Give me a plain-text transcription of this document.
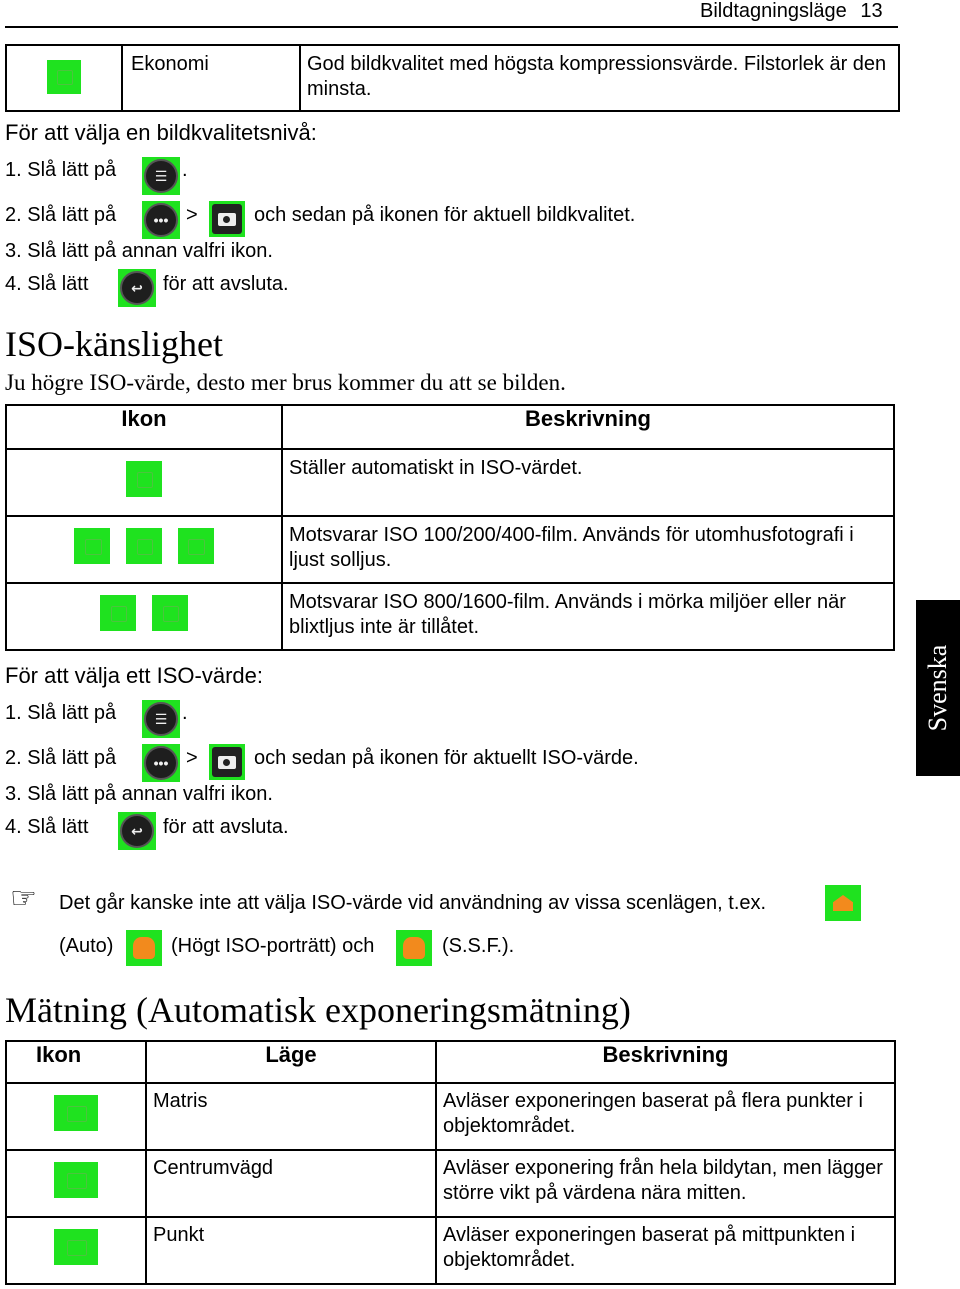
Bildtagningsläge 13
	Ekonomi	God bildkvalitet med högsta kompressionsvärde. Filstorlek är den minsta.
För att välja en bildkvalitetsnivå:
1. Slå lätt på	☰ .
2. Slå lätt på	••• >	och sedan på ikonen för aktuell bildkvalitet.
3. Slå lätt på annan valfri ikon.
4. Slå lätt	↩	för att avsluta.
ISO-känslighet
Ju högre ISO-värde, desto mer brus kommer du att se bilden.
Ikon	Beskrivning
	Ställer automatiskt in ISO-värdet.
	Motsvarar ISO 100/200/400-film. Används för utomhusfotografi i ljust solljus.
	Motsvarar ISO 800/1600-film. Används i mörka miljöer eller när blixtljus inte är tillåtet.
För att välja ett ISO-värde:
1. Slå lätt på	☰ .
2. Slå lätt på	••• >	och sedan på ikonen för aktuellt ISO-värde.
3. Slå lätt på annan valfri ikon.
4. Slå lätt	↩	för att avsluta.
Svenska
☞ Det går kanske inte att välja ISO-värde vid användning av vissa scenlägen, t.ex.
(Auto)	(Högt ISO-porträtt) och	(S.S.F.).
Mätning (Automatisk exponeringsmätning)
Ikon	Läge	Beskrivning
	Matris	Avläser exponeringen baserat på flera punkter i objektområdet.
	Centrumvägd	Avläser exponering från hela bildytan, men lägger större vikt på värdena nära mitten.
	Punkt	Avläser exponeringen baserat på mittpunkten i objektområdet.
